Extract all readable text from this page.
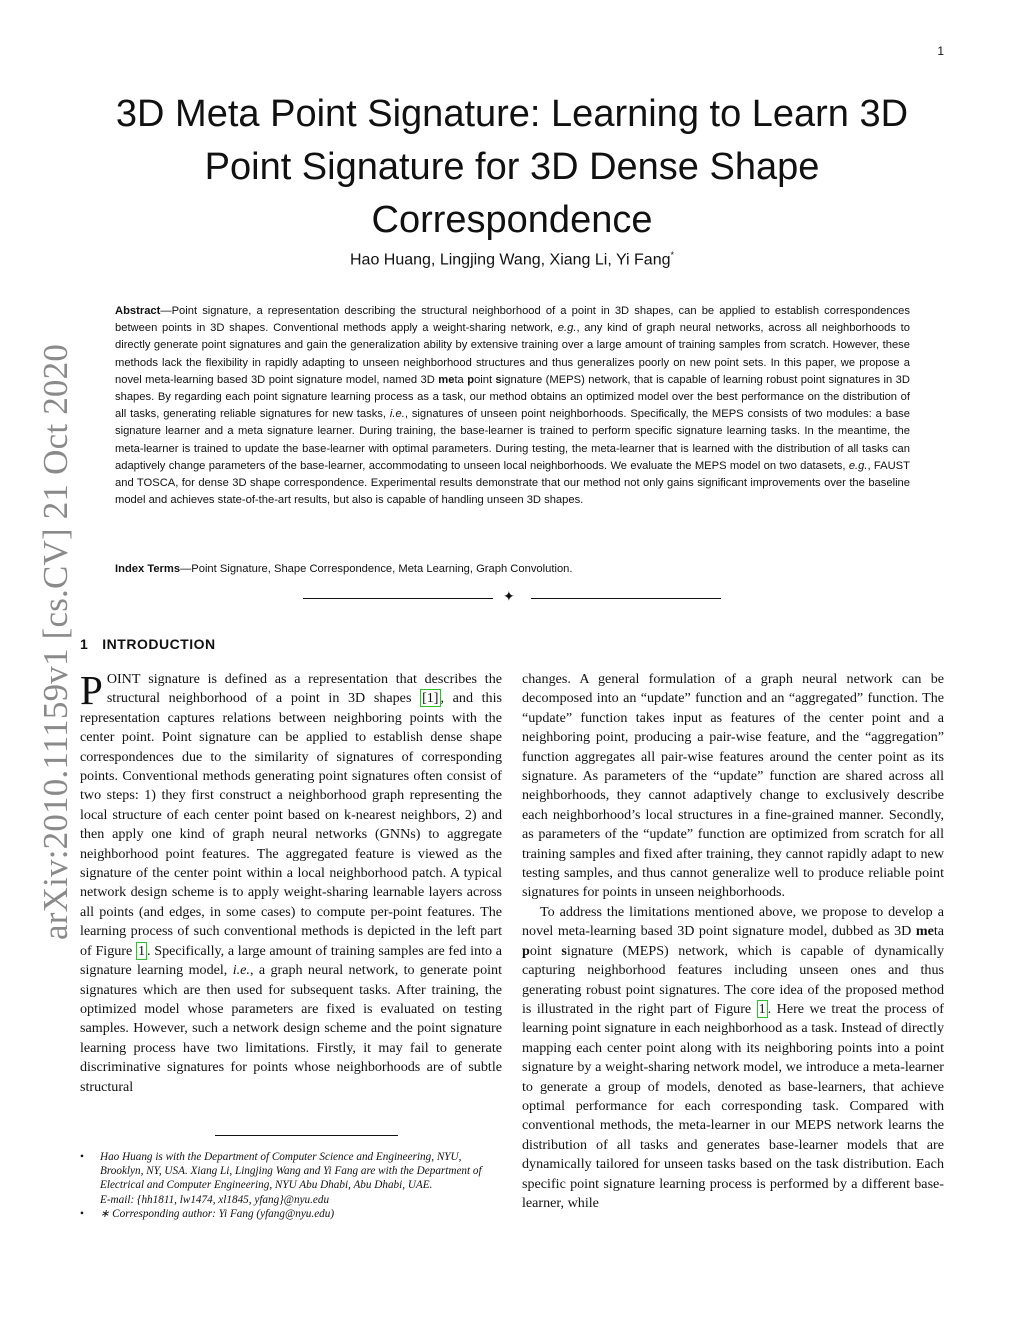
1
arXiv:2010.11159v1 [cs.CV] 21 Oct 2020
3D Meta Point Signature: Learning to Learn 3D Point Signature for 3D Dense Shape Correspondence
Hao Huang, Lingjing Wang, Xiang Li, Yi Fang*

Abstract—Point signature, a representation describing the structural neighborhood of a point in 3D shapes, can be applied to establish correspondences between points in 3D shapes. Conventional methods apply a weight-sharing network, e.g., any kind of graph neural networks, across all neighborhoods to directly generate point signatures and gain the generalization ability by extensive training over a large amount of training samples from scratch. However, these methods lack the flexibility in rapidly adapting to unseen neighborhood structures and thus generalizes poorly on new point sets. In this paper, we propose a novel meta-learning based 3D point signature model, named 3D meta point signature (MEPS) network, that is capable of learning robust point signatures in 3D shapes. By regarding each point signature learning process as a task, our method obtains an optimized model over the best performance on the distribution of all tasks, generating reliable signatures for new tasks, i.e., signatures of unseen point neighborhoods. Specifically, the MEPS consists of two modules: a base signature learner and a meta signature learner. During training, the base-learner is trained to perform specific signature learning tasks. In the meantime, the meta-learner is trained to update the base-learner with optimal parameters. During testing, the meta-learner that is learned with the distribution of all tasks can adaptively change parameters of the base-learner, accommodating to unseen local neighborhoods. We evaluate the MEPS model on two datasets, e.g., FAUST and TOSCA, for dense 3D shape correspondence. Experimental results demonstrate that our method not only gains significant improvements over the baseline model and achieves state-of-the-art results, but also is capable of handling unseen 3D shapes.

Index Terms—Point Signature, Shape Correspondence, Meta Learning, Graph Convolution.

✦
1 INTRODUCTION

POINT signature is defined as a representation that describes the structural neighborhood of a point in 3D shapes [1] , and this representation captures relations between neighboring points with the center point. Point signature can be applied to establish dense shape correspondences due to the similarity of signatures of corresponding points. Conventional methods generating point signatures often consist of two steps: 1) they first construct a neighborhood graph representing the local structure of each center point based on k-nearest neighbors, 2) and then apply one kind of graph neural networks (GNNs) to aggregate neighborhood point features. The aggregated feature is viewed as the signature of the center point within a local neighborhood patch. A typical network design scheme is to apply weight-sharing learnable layers across all points (and edges, in some cases) to compute per-point features. The learning process of such conventional methods is depicted in the left part of Figure 1 . Specifically, a large amount of training samples are fed into a signature learning model, i.e., a graph neural network, to generate point signatures which are then used for subsequent tasks. After training, the optimized model whose parameters are fixed is evaluated on testing samples. However, such a network design scheme and the point signature learning process have two limitations. Firstly, it may fail to generate discriminative signatures for points whose neighborhoods are of subtle structural

changes. A general formulation of a graph neural network can be decomposed into an “update” function and an “aggregated” function. The “update” function takes input as features of the center point and a neighboring point, producing a pair-wise feature, and the “aggregation” function aggregates all pair-wise features around the center point as its signature. As parameters of the “update” function are shared across all neighborhoods, they cannot adaptively change to exclusively describe each neighborhood’s local structures in a fine-grained manner. Secondly, as parameters of the “update” function are optimized from scratch for all training samples and fixed after training, they cannot rapidly adapt to new testing samples, and thus cannot generalize well to produce reliable point signatures for points in unseen neighborhoods.

To address the limitations mentioned above, we propose to develop a novel meta-learning based 3D point signature model, dubbed as 3D meta point signature (MEPS) network, which is capable of dynamically capturing neighborhood features including unseen ones and thus generating robust point signatures. The core idea of the proposed method is illustrated in the right part of Figure 1 . Here we treat the process of learning point signature in each neighborhood as a task. Instead of directly mapping each center point along with its neighboring points into a point signature by a weight-sharing network model, we introduce a meta-learner to generate a group of models, denoted as base-learners, that achieve optimal performance for each corresponding task. Compared with conventional methods, the meta-learner in our MEPS network learns the distribution of all tasks and generates base-learner models that are dynamically tailored for unseen tasks based on the task distribution. Each specific point signature learning process is performed by a different base-learner, while

• Hao Huang is with the Department of Computer Science and Engineering, NYU, Brooklyn, NY, USA. Xiang Li, Lingjing Wang and Yi Fang are with the Department of Electrical and Computer Engineering, NYU Abu Dhabi, Abu Dhabi, UAE.
E-mail: {hh1811, lw1474, xl1845, yfang}@nyu.edu
• ∗ Corresponding author: Yi Fang (yfang@nyu.edu)
